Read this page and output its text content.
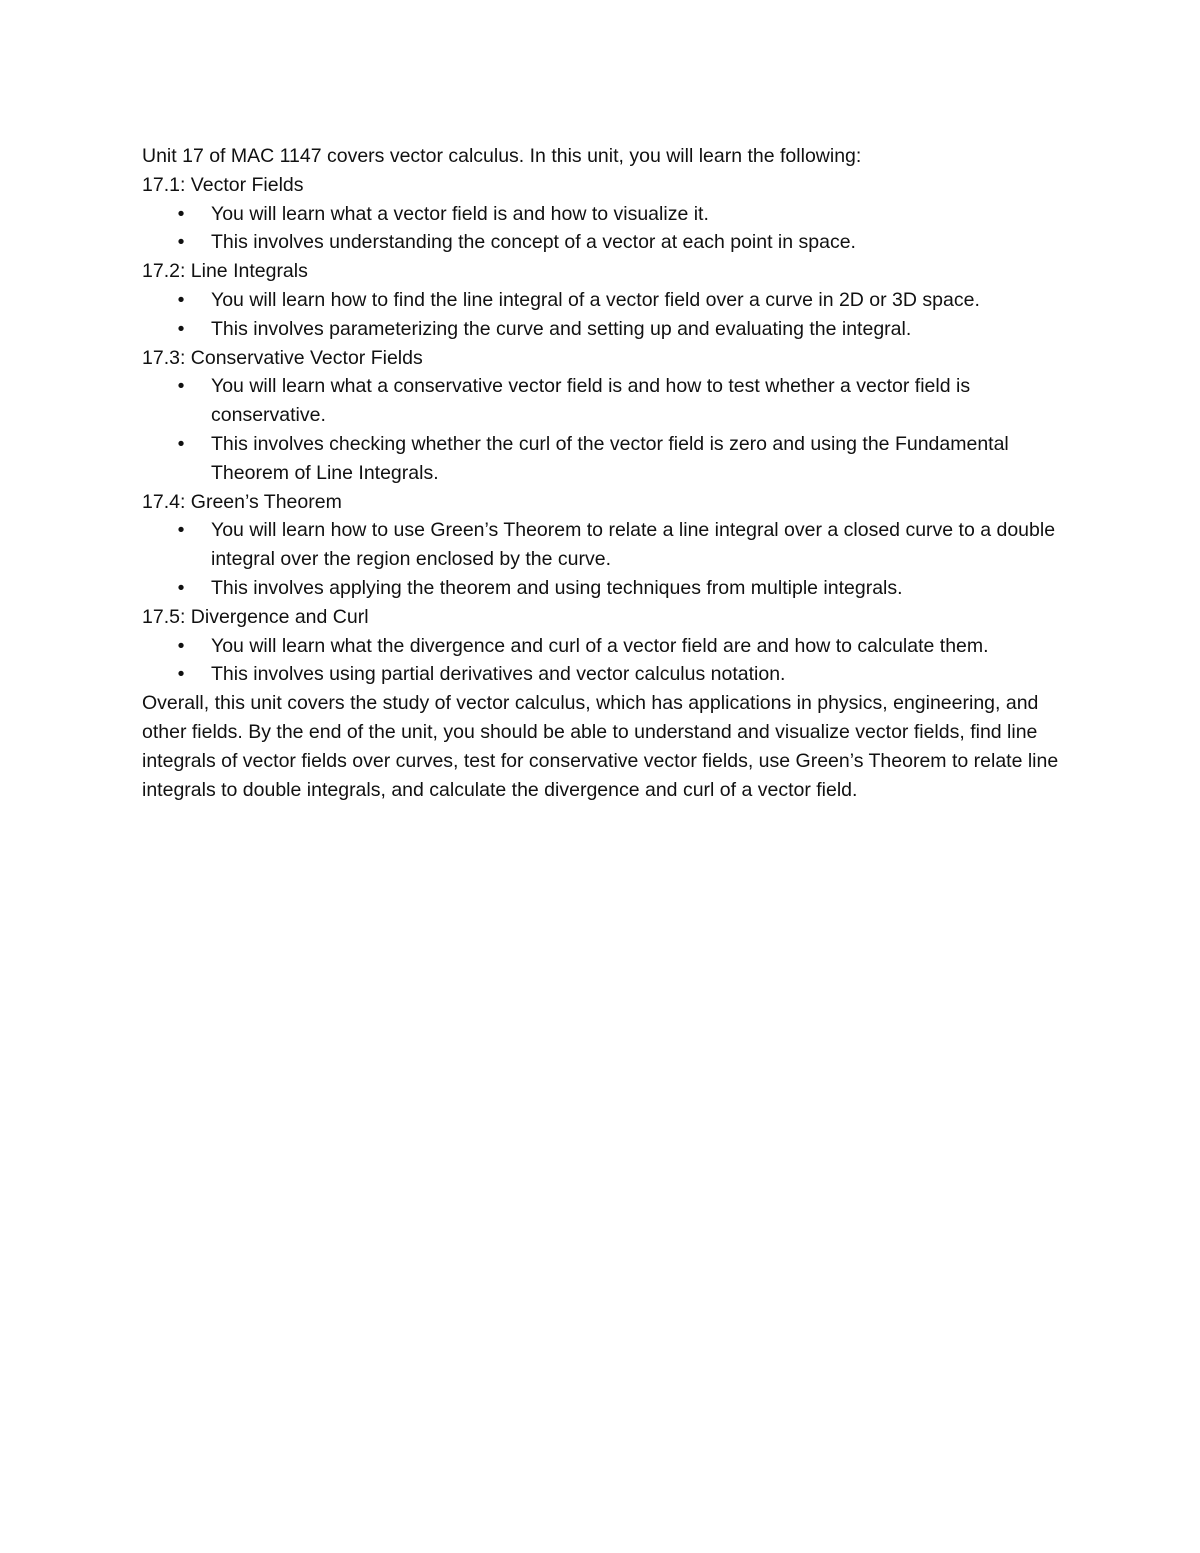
Unit 17 of MAC 1147 covers vector calculus. In this unit, you will learn the following:

17.1: Vector Fields
• You will learn what a vector field is and how to visualize it.
• This involves understanding the concept of a vector at each point in space.
17.2: Line Integrals
• You will learn how to find the line integral of a vector field over a curve in 2D or 3D space.
• This involves parameterizing the curve and setting up and evaluating the integral.
17.3: Conservative Vector Fields
• You will learn what a conservative vector field is and how to test whether a vector field is conservative.
• This involves checking whether the curl of the vector field is zero and using the Fundamental Theorem of Line Integrals.
17.4: Green’s Theorem
• You will learn how to use Green’s Theorem to relate a line integral over a closed curve to a double integral over the region enclosed by the curve.
• This involves applying the theorem and using techniques from multiple integrals.
17.5: Divergence and Curl
• You will learn what the divergence and curl of a vector field are and how to calculate them.
• This involves using partial derivatives and vector calculus notation.

Overall, this unit covers the study of vector calculus, which has applications in physics, engineering, and other fields. By the end of the unit, you should be able to understand and visualize vector fields, find line integrals of vector fields over curves, test for conservative vector fields, use Green’s Theorem to relate line integrals to double integrals, and calculate the divergence and curl of a vector field.
